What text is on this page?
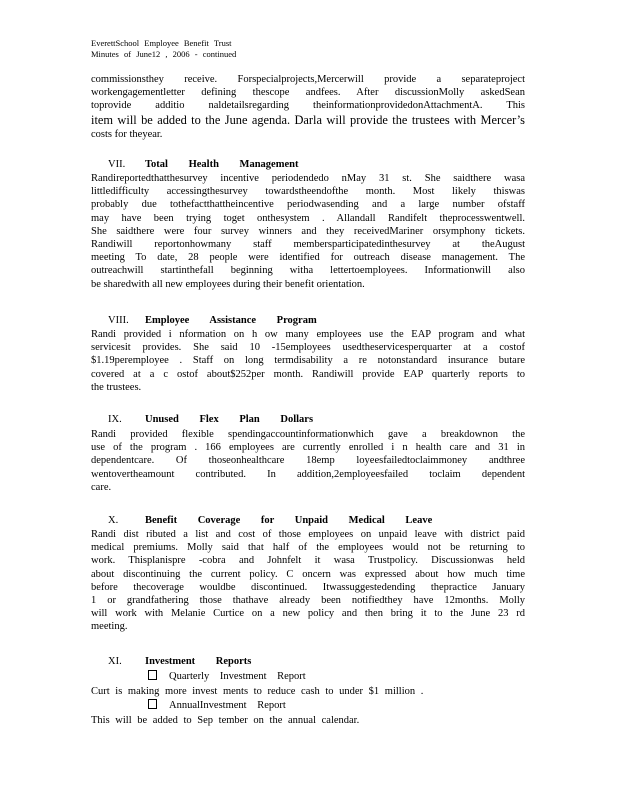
EverettSchool Employee Benefit Trust
Minutes of June12 , 2006 - continued
commissionsthey receive. Forspecialprojects,Mercerwill provide a separateproject
workengagementletter defining thescope andfees. After discussionMolly askedSean
toprovide additio naldetailsregarding theinformationprovidedonAttachmentA. This
item will be added to the June agenda. Darla will provide the trustees with Mercer’s
costs for theyear.
VII. Total Health Management
Randireportedthatthesurvey incentive periodendedo nMay 31 st. She saidthere wasa
littledifficulty accessingthesurvey towardstheendofthe month. Most likely thiswas
probably due tothefactthattheincentive periodwasending and a large number ofstaff
may have been trying toget onthesystem . Allandall Randifelt theprocesswentwell.
She saidthere were four survey winners and they receivedMariner orsymphony tickets.
Randiwill reportonhowmany staff membersparticipatedinthesurvey at theAugust
meeting To date, 28 people were identified for outreach disease management. The
outreachwill startinthefall beginning witha lettertoemployees. Informationwill also
be sharedwith all new employees during their benefit orientation.
VIII. Employee Assistance Program
Randi provided i nformation on h ow many employees use the EAP program and what
servicesit provides. She said 10 -15employees usedtheservicesperquarter at a costof
$1.19peremployee . Staff on long termdisability a re notonstandard insurance butare
covered at a c ostof about$252per month. Randiwill provide EAP quarterly reports to
the trustees.
IX. Unused Flex Plan Dollars
Randi provided flexible spendingaccountinformationwhich gave a breakdownon the
use of the program . 166 employees are currently enrolled i n health care and 31 in
dependentcare. Of thoseonhealthcare 18emp loyeesfailedtoclaimmoney andthree
wentovertheamount contributed. In addition,2employeesfailed toclaim dependent
care.
X.	Benefit Coverage for Unpaid Medical Leave
Randi dist ributed a list and cost of those employees on unpaid leave with district paid
medical premiums. Molly said that half of the employees would not be returning to
work. Thisplanispre -cobra and Johnfelt it wasa Trustpolicy. Discussionwas held
about discontinuing the current policy. C oncern was expressed about how much time
before thecoverage wouldbe discontinued. Itwassuggestedending thepractice January
1 or grandfathering those thathave already been notifiedthey have 12months. Molly
will work with Melanie Curtice on a new policy and then bring it to the June 23 rd
meeting.
XI. Investment Reports
Quarterly Investment Report
Curt is making more invest ments to reduce cash to under $1 million .
AnnualInvestment Report
This will be added to Sep tember on the annual calendar.
